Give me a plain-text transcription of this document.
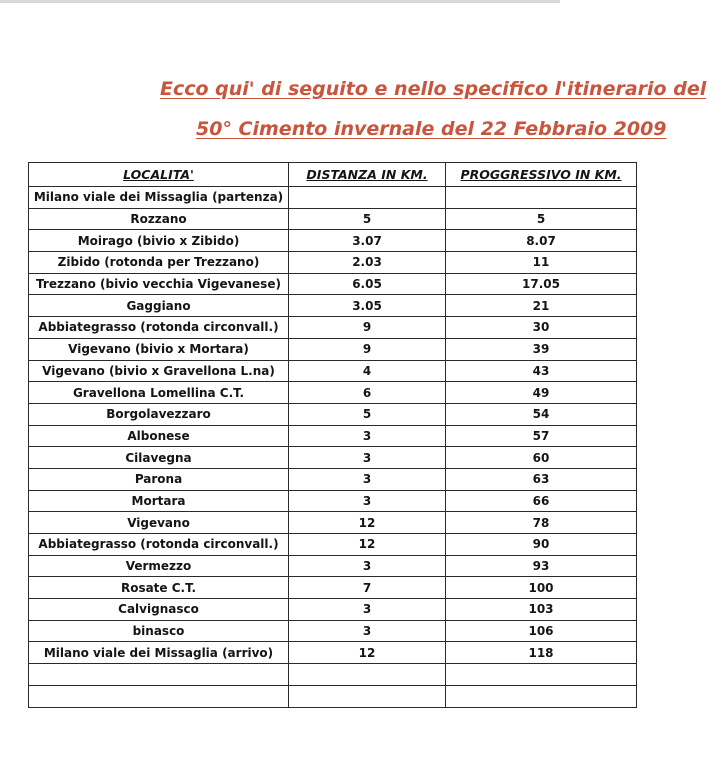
Ecco qui' di seguito e nello specifico l'itinerario del
50° Cimento invernale del 22 Febbraio 2009
LOCALITA'	DISTANZA IN KM.	PROGGRESSIVO IN KM.
Milano viale dei Missaglia (partenza)		
Rozzano	5	5
Moirago (bivio x Zibido)	3.07	8.07
Zibido (rotonda per Trezzano)	2.03	11
Trezzano (bivio vecchia Vigevanese)	6.05	17.05
Gaggiano	3.05	21
Abbiategrasso (rotonda circonvall.)	9	30
Vigevano (bivio x Mortara)	9	39
Vigevano (bivio x Gravellona L.na)	4	43
Gravellona Lomellina C.T.	6	49
Borgolavezzaro	5	54
Albonese	3	57
Cilavegna	3	60
Parona	3	63
Mortara	3	66
Vigevano	12	78
Abbiategrasso (rotonda circonvall.)	12	90
Vermezzo	3	93
Rosate C.T.	7	100
Calvignasco	3	103
binasco	3	106
Milano viale dei Missaglia (arrivo)	12	118
